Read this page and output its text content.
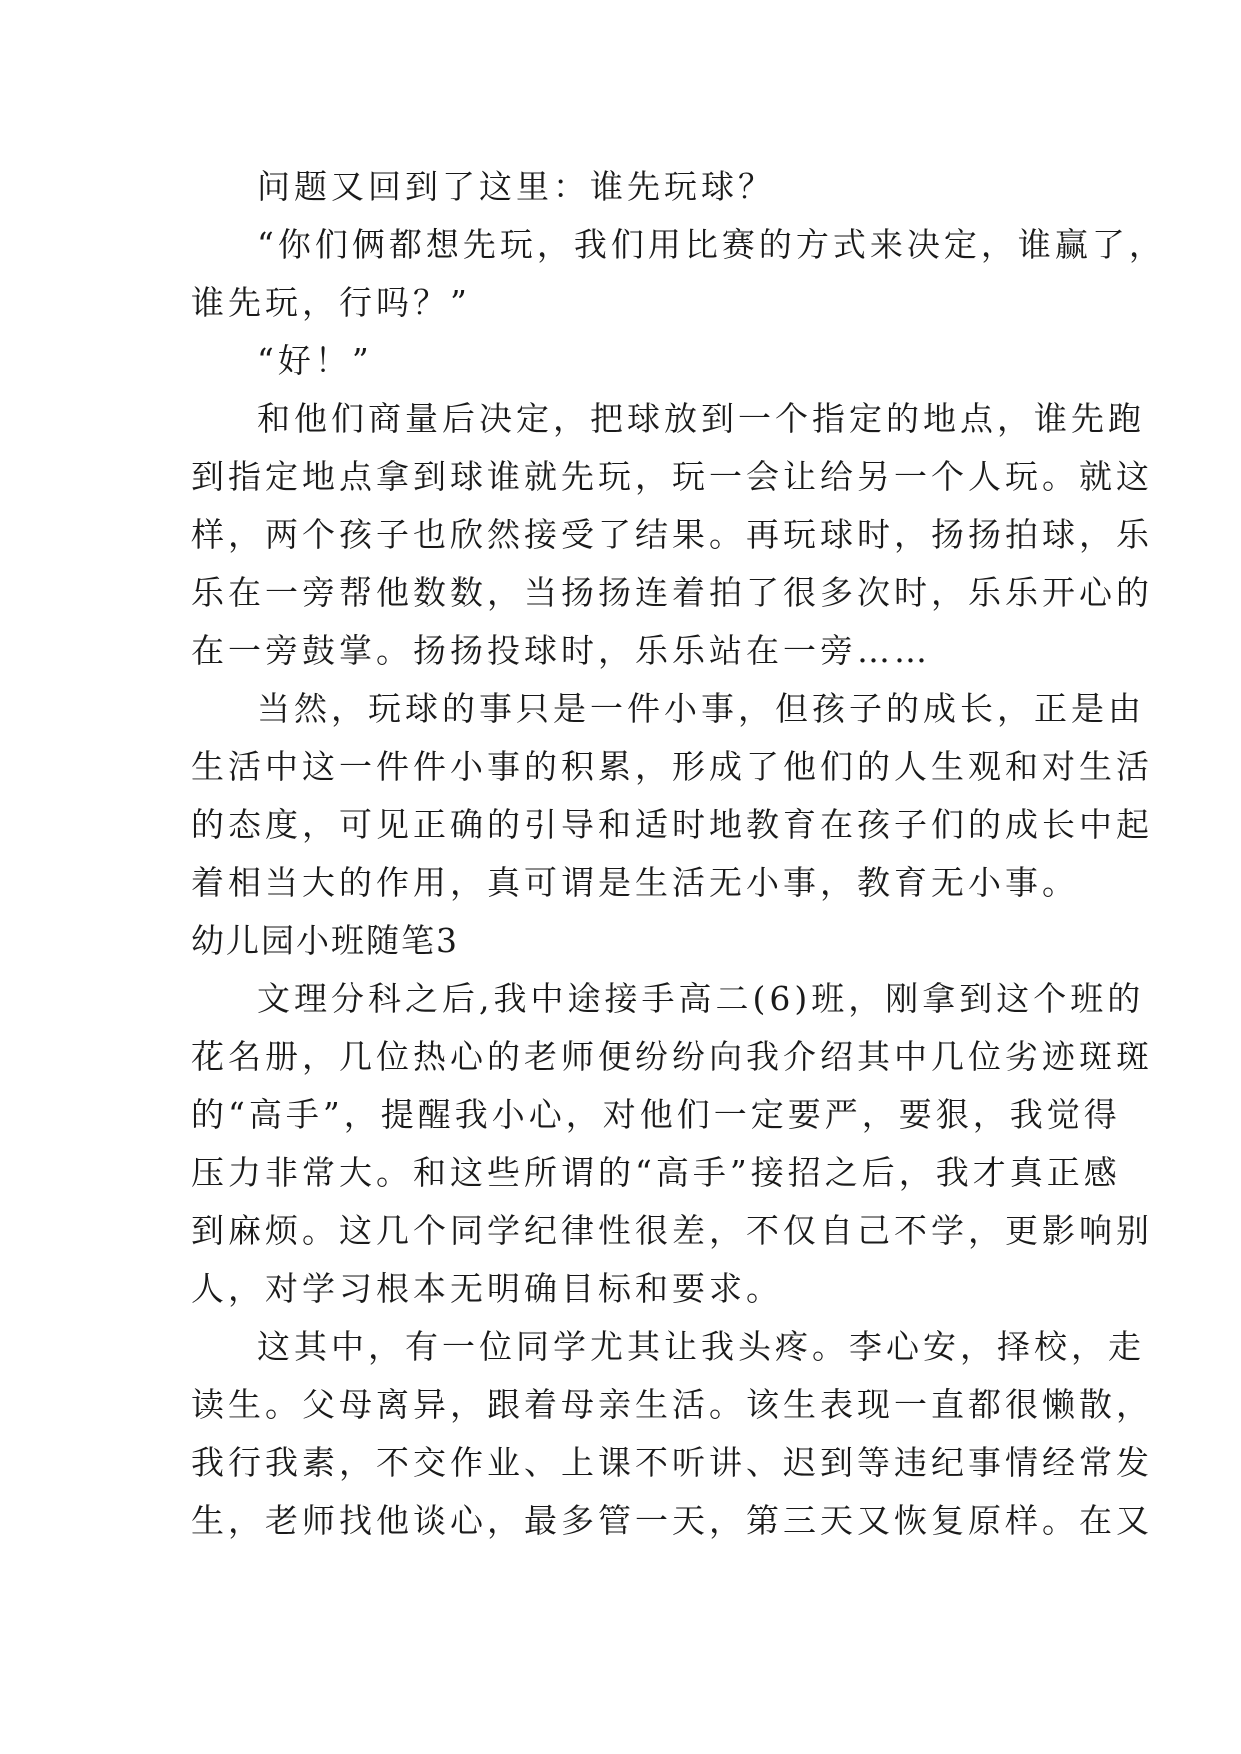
问题又回到了这里：谁先玩球？
“你们俩都想先玩，我们用比赛的方式来决定，谁赢了，
谁先玩，行吗？”
“好！”
和他们商量后决定，把球放到一个指定的地点，谁先跑
到指定地点拿到球谁就先玩，玩一会让给另一个人玩。就这
样，两个孩子也欣然接受了结果。再玩球时，扬扬拍球，乐
乐在一旁帮他数数，当扬扬连着拍了很多次时，乐乐开心的
在一旁鼓掌。扬扬投球时，乐乐站在一旁……
当然，玩球的事只是一件小事，但孩子的成长，正是由
生活中这一件件小事的积累，形成了他们的人生观和对生活
的态度，可见正确的引导和适时地教育在孩子们的成长中起
着相当大的作用，真可谓是生活无小事，教育无小事。
幼儿园小班随笔3
文理分科之后,我中途接手高二(6)班，刚拿到这个班的
花名册，几位热心的老师便纷纷向我介绍其中几位劣迹斑斑
的“高手”，提醒我小心，对他们一定要严，要狠，我觉得
压力非常大。和这些所谓的“高手”接招之后，我才真正感
到麻烦。这几个同学纪律性很差，不仅自己不学，更影响别
人，对学习根本无明确目标和要求。
这其中，有一位同学尤其让我头疼。李心安，择校，走
读生。父母离异，跟着母亲生活。该生表现一直都很懒散，
我行我素，不交作业、上课不听讲、迟到等违纪事情经常发
生，老师找他谈心，最多管一天，第三天又恢复原样。在又
